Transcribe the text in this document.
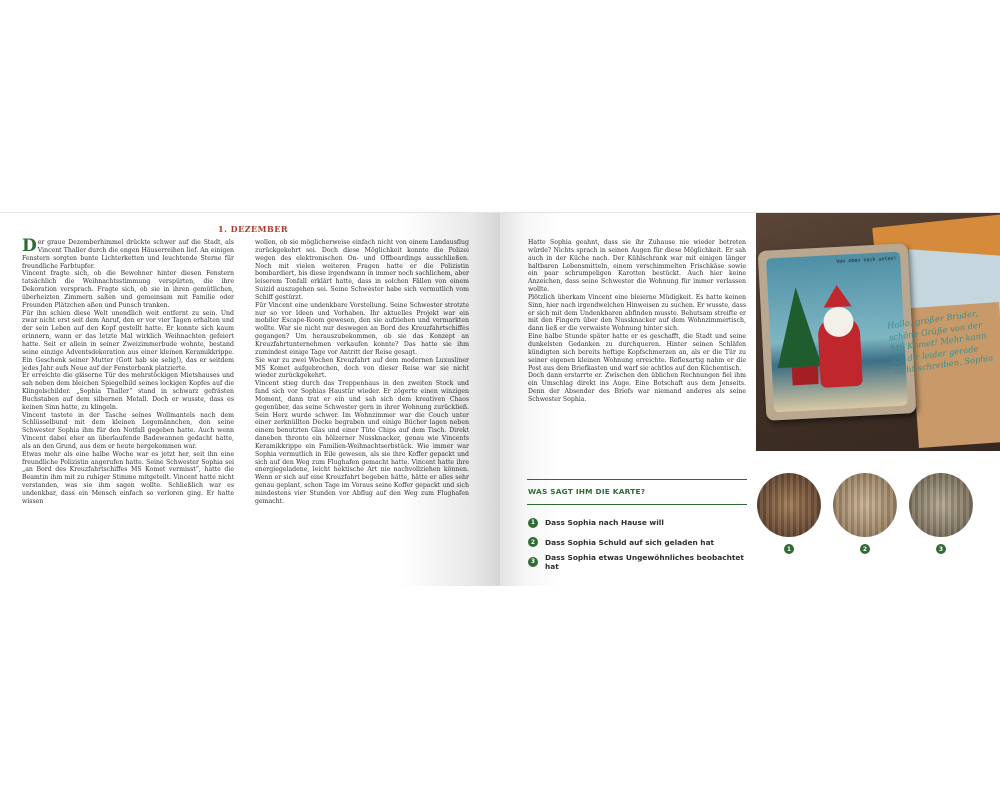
1. DEZEMBER

Der graue Dezemberhimmel drückte schwer auf die Stadt, als Vincent Thaller durch die engen Häuserreihen lief. An einigen Fenstern sorgten bunte Lichterketten und leuchtende Sterne für freundliche Farbtupfer.

Vincent fragte sich, ob die Bewohner hinter diesen Fenstern tatsächlich die Weihnachtsstimmung verspürten, die ihre Dekoration versprach. Fragte sich, ob sie in ihren gemütlichen, überheizten Zimmern saßen und gemeinsam mit Familie oder Freunden Plätzchen aßen und Punsch tranken.

Für ihn schien diese Welt unendlich weit entfernt zu sein. Und zwar nicht erst seit dem Anruf, den er vor vier Tagen erhalten und der sein Leben auf den Kopf gestellt hatte. Er konnte sich kaum erinnern, wann er das letzte Mal wirklich Weihnachten gefeiert hatte. Seit er allein in seiner Zweizimmerbude wohnte, bestand seine einzige Adventsdekoration aus einer kleinen Keramikkrippe. Ein Geschenk seiner Mutter (Gott hab sie selig!), das er seitdem jedes Jahr aufs Neue auf der Fensterbank platzierte.

Er erreichte die gläserne Tür des mehrstöckigen Mietshauses und sah neben dem bleichen Spiegelbild seines lockigen Kopfes auf die Klingelschilder. „Sophia Thaller“ stand in schwarz gefrästen Buchstaben auf dem silbernen Metall. Doch er wusste, dass es keinen Sinn hatte, zu klingeln.

Vincent tastete in der Tasche seines Wollmantels nach dem Schlüsselbund mit dem kleinen Legomännchen, den seine Schwester Sophia ihm für den Notfall gegeben hatte. Auch wenn Vincent dabei eher an überlaufende Badewannen gedacht hatte, als an den Grund, aus dem er heute hergekommen war.

Etwas mehr als eine halbe Woche war es jetzt her, seit ihn eine freundliche Polizistin angerufen hatte. Seine Schwester Sophia sei „an Bord des Kreuzfahrtschiffes MS Komet vermisst“, hatte die Beamtin ihm mit zu ruhiger Stimme mitgeteilt. Vincent hatte nicht verstanden, was sie ihm sagen wollte. Schließlich war es undenkbar, dass ein Mensch einfach so verloren ging. Er hatte wissen

wollen, ob sie möglicherweise einfach nicht von einem Landausflug zurückgekehrt sei. Doch diese Möglichkeit konnte die Polizei wegen des elektronischen On- und Offboardings ausschließen. Noch mit vielen weiteren Fragen hatte er die Polizistin bombardiert, bis diese irgendwann in immer noch sachlichem, aber leiserem Tonfall erklärt hatte, dass in solchen Fällen von einem Suizid auszugehen sei. Seine Schwester habe sich vermutlich vom Schiff gestürzt.

Für Vincent eine undenkbare Vorstellung. Seine Schwester strotzte nur so vor Ideen und Vorhaben. Ihr aktuelles Projekt war ein mobiler Escape-Room gewesen, den sie aufziehen und vermarkten wollte. War sie nicht nur deswegen an Bord des Kreuzfahrtschiffes gegangen? Um herauszubekommen, ob sie das Konzept an Kreuzfahrtunternehmen verkaufen konnte? Das hatte sie ihm zumindest einige Tage vor Antritt der Reise gesagt.

Sie war zu zwei Wochen Kreuzfahrt auf dem modernen Luxusliner MS Komet aufgebrochen, doch von dieser Reise war sie nicht wieder zurückgekehrt.

Vincent stieg durch das Treppenhaus in den zweiten Stock und fand sich vor Sophias Haustür wieder. Er zögerte einen winzigen Moment, dann trat er ein und sah sich dem kreativen Chaos gegenüber, das seine Schwester gern in ihrer Wohnung zurückließ. Sein Herz wurde schwer. Im Wohnzimmer war die Couch unter einer zerknüllten Decke begraben und einige Bücher lagen neben einem benutzten Glas und einer Tüte Chips auf dem Tisch. Direkt daneben thronte ein hölzerner Nussknacker, genau wie Vincents Keramikkrippe ein Familien-Weihnachtserbstück. Wie immer war Sophia vermutlich in Eile gewesen, als sie ihre Koffer gepackt und sich auf den Weg zum Flughafen gemacht hatte. Vincent hatte ihre energiegeladene, leicht hektische Art nie nachvollziehen können. Wenn er sich auf eine Kreuzfahrt begeben hätte, hätte er alles sehr genau geplant, schon Tage im Voraus seine Koffer gepackt und sich mindestens vier Stunden vor Abflug auf den Weg zum Flughafen gemacht.

Hatte Sophia geahnt, dass sie ihr Zuhause nie wieder betreten würde? Nichts sprach in seinen Augen für diese Möglichkeit. Er sah auch in der Küche nach. Der Kühlschrank war mit einigen länger haltbaren Lebensmitteln, einem verschimmelten Frischkäse sowie ein paar schrumpeligen Karotten bestückt. Auch hier keine Anzeichen, dass seine Schwester die Wohnung für immer verlassen wollte.

Plötzlich überkam Vincent eine bleierne Müdigkeit. Es hatte keinen Sinn, hier nach irgendwelchen Hinweisen zu suchen. Er wusste, dass er sich mit dem Undenkbaren abfinden musste. Behutsam streifte er mit den Fingern über den Nussknacker auf dem Wohnzimmertisch, dann ließ er die verwaiste Wohnung hinter sich.

Eine halbe Stunde später hatte er es geschafft, die Stadt und seine dunkelsten Gedanken zu durchqueren. Hinter seinen Schläfen kündigten sich bereits heftige Kopfschmerzen an, als er die Tür zu seiner eigenen kleinen Wohnung erreichte. Reflexartig nahm er die Post aus dem Briefkasten und warf sie achtlos auf den Küchentisch.

Doch dann erstarrte er. Zwischen den üblichen Rechnungen fiel ihm ein Umschlag direkt ins Auge. Eine Botschaft aus dem Jenseits. Denn der Absender des Briefs war niemand anderes als seine Schwester Sophia.

Von oben nach unten!
Hallo, großer Bruder, schöne Grüße von der MS Komet! Mehr kann ich dir leider gerade nicht schreiben. Sophia
WAS SAGT IHM DIE KARTE?
1	Dass Sophia nach Hause will
2	Dass Sophia Schuld auf sich geladen hat
3	Dass Sophia etwas Ungewöhnliches beobachtet hat
1	2	3
